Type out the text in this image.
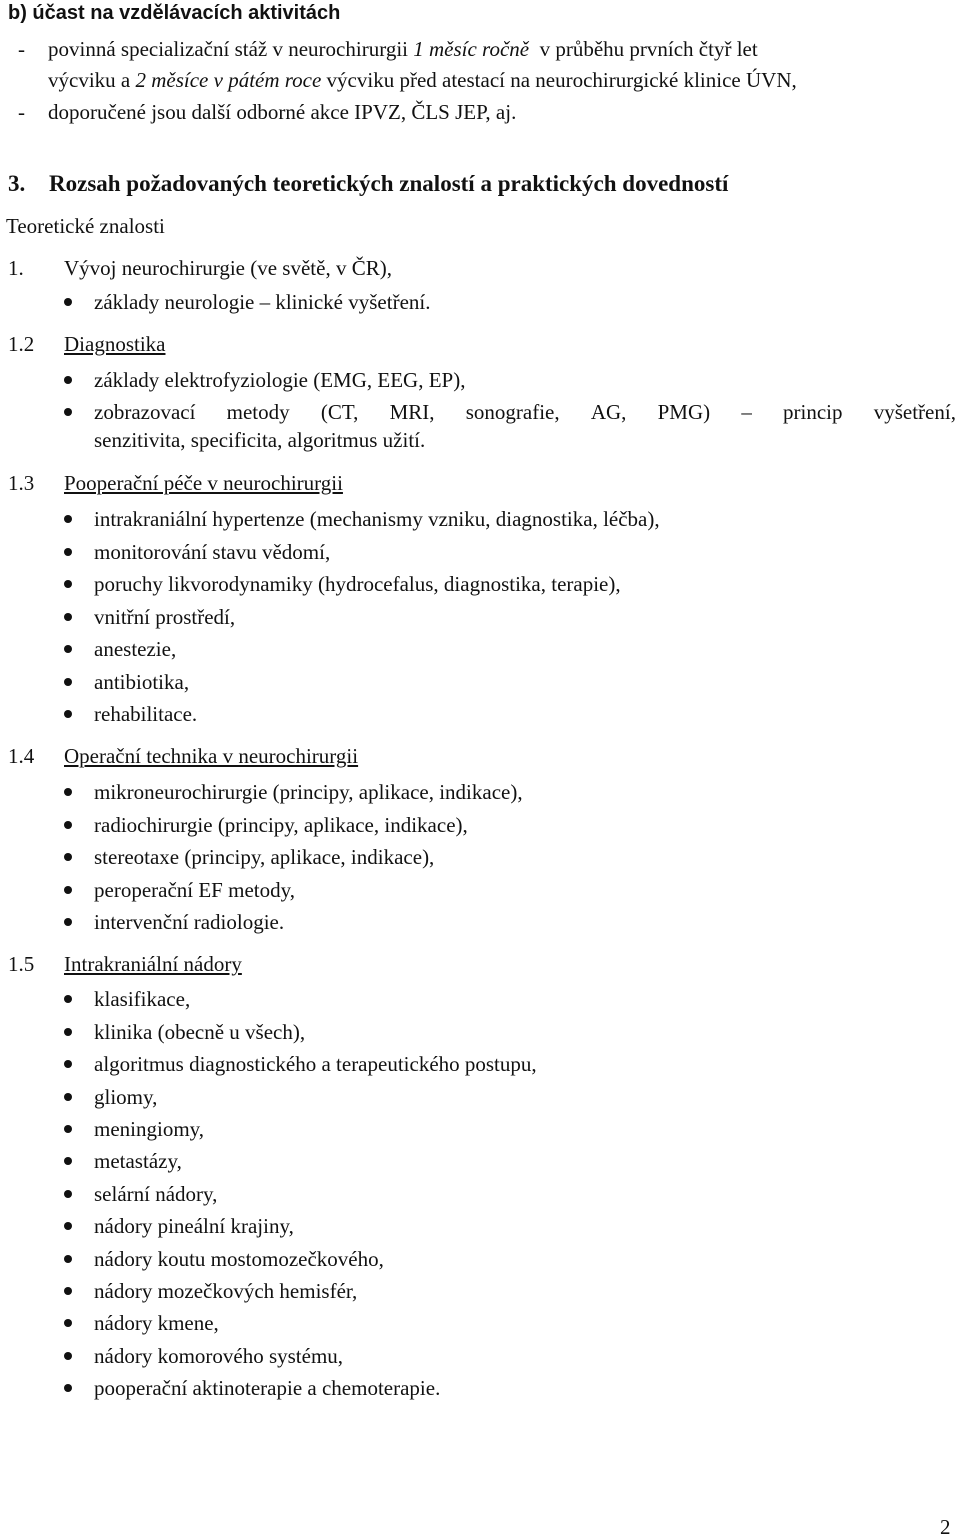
b) účast na vzdělávacích aktivitách
- povinná specializační stáž v neurochirurgii 1 měsíc ročně  v průběhu prvních čtyř let
výcviku a 2 měsíce v pátém roce výcviku před atestací na neurochirurgické klinice ÚVN,
- doporučené jsou další odborné akce IPVZ, ČLS JEP, aj.
3. Rozsah požadovaných teoretických znalostí a praktických dovedností
Teoretické znalosti
1. Vývoj neurochirurgie (ve světě, v ČR),
základy neurologie – klinické vyšetření.
1.2 Diagnostika
základy elektrofyziologie (EMG, EEG, EP),
zobrazovací metody (CT, MRI, sonografie, AG, PMG) – princip vyšetření,
senzitivita, specificita, algoritmus užití.
1.3 Pooperační péče v neurochirurgii
intrakraniální hypertenze (mechanismy vzniku, diagnostika, léčba),
monitorování stavu vědomí,
poruchy likvorodynamiky (hydrocefalus, diagnostika, terapie),
vnitřní prostředí,
anestezie,
antibiotika,
rehabilitace.
1.4 Operační technika v neurochirurgii
mikroneurochirurgie (principy, aplikace, indikace),
radiochirurgie (principy, aplikace, indikace),
stereotaxe (principy, aplikace, indikace),
peroperační EF metody,
intervenční radiologie.
1.5 Intrakraniální nádory
klasifikace,
klinika (obecně u všech),
algoritmus diagnostického a terapeutického postupu,
gliomy,
meningiomy,
metastázy,
selární nádory,
nádory pineální krajiny,
nádory koutu mostomozečkového,
nádory mozečkových hemisfér,
nádory kmene,
nádory komorového systému,
pooperační aktinoterapie a chemoterapie.
2
